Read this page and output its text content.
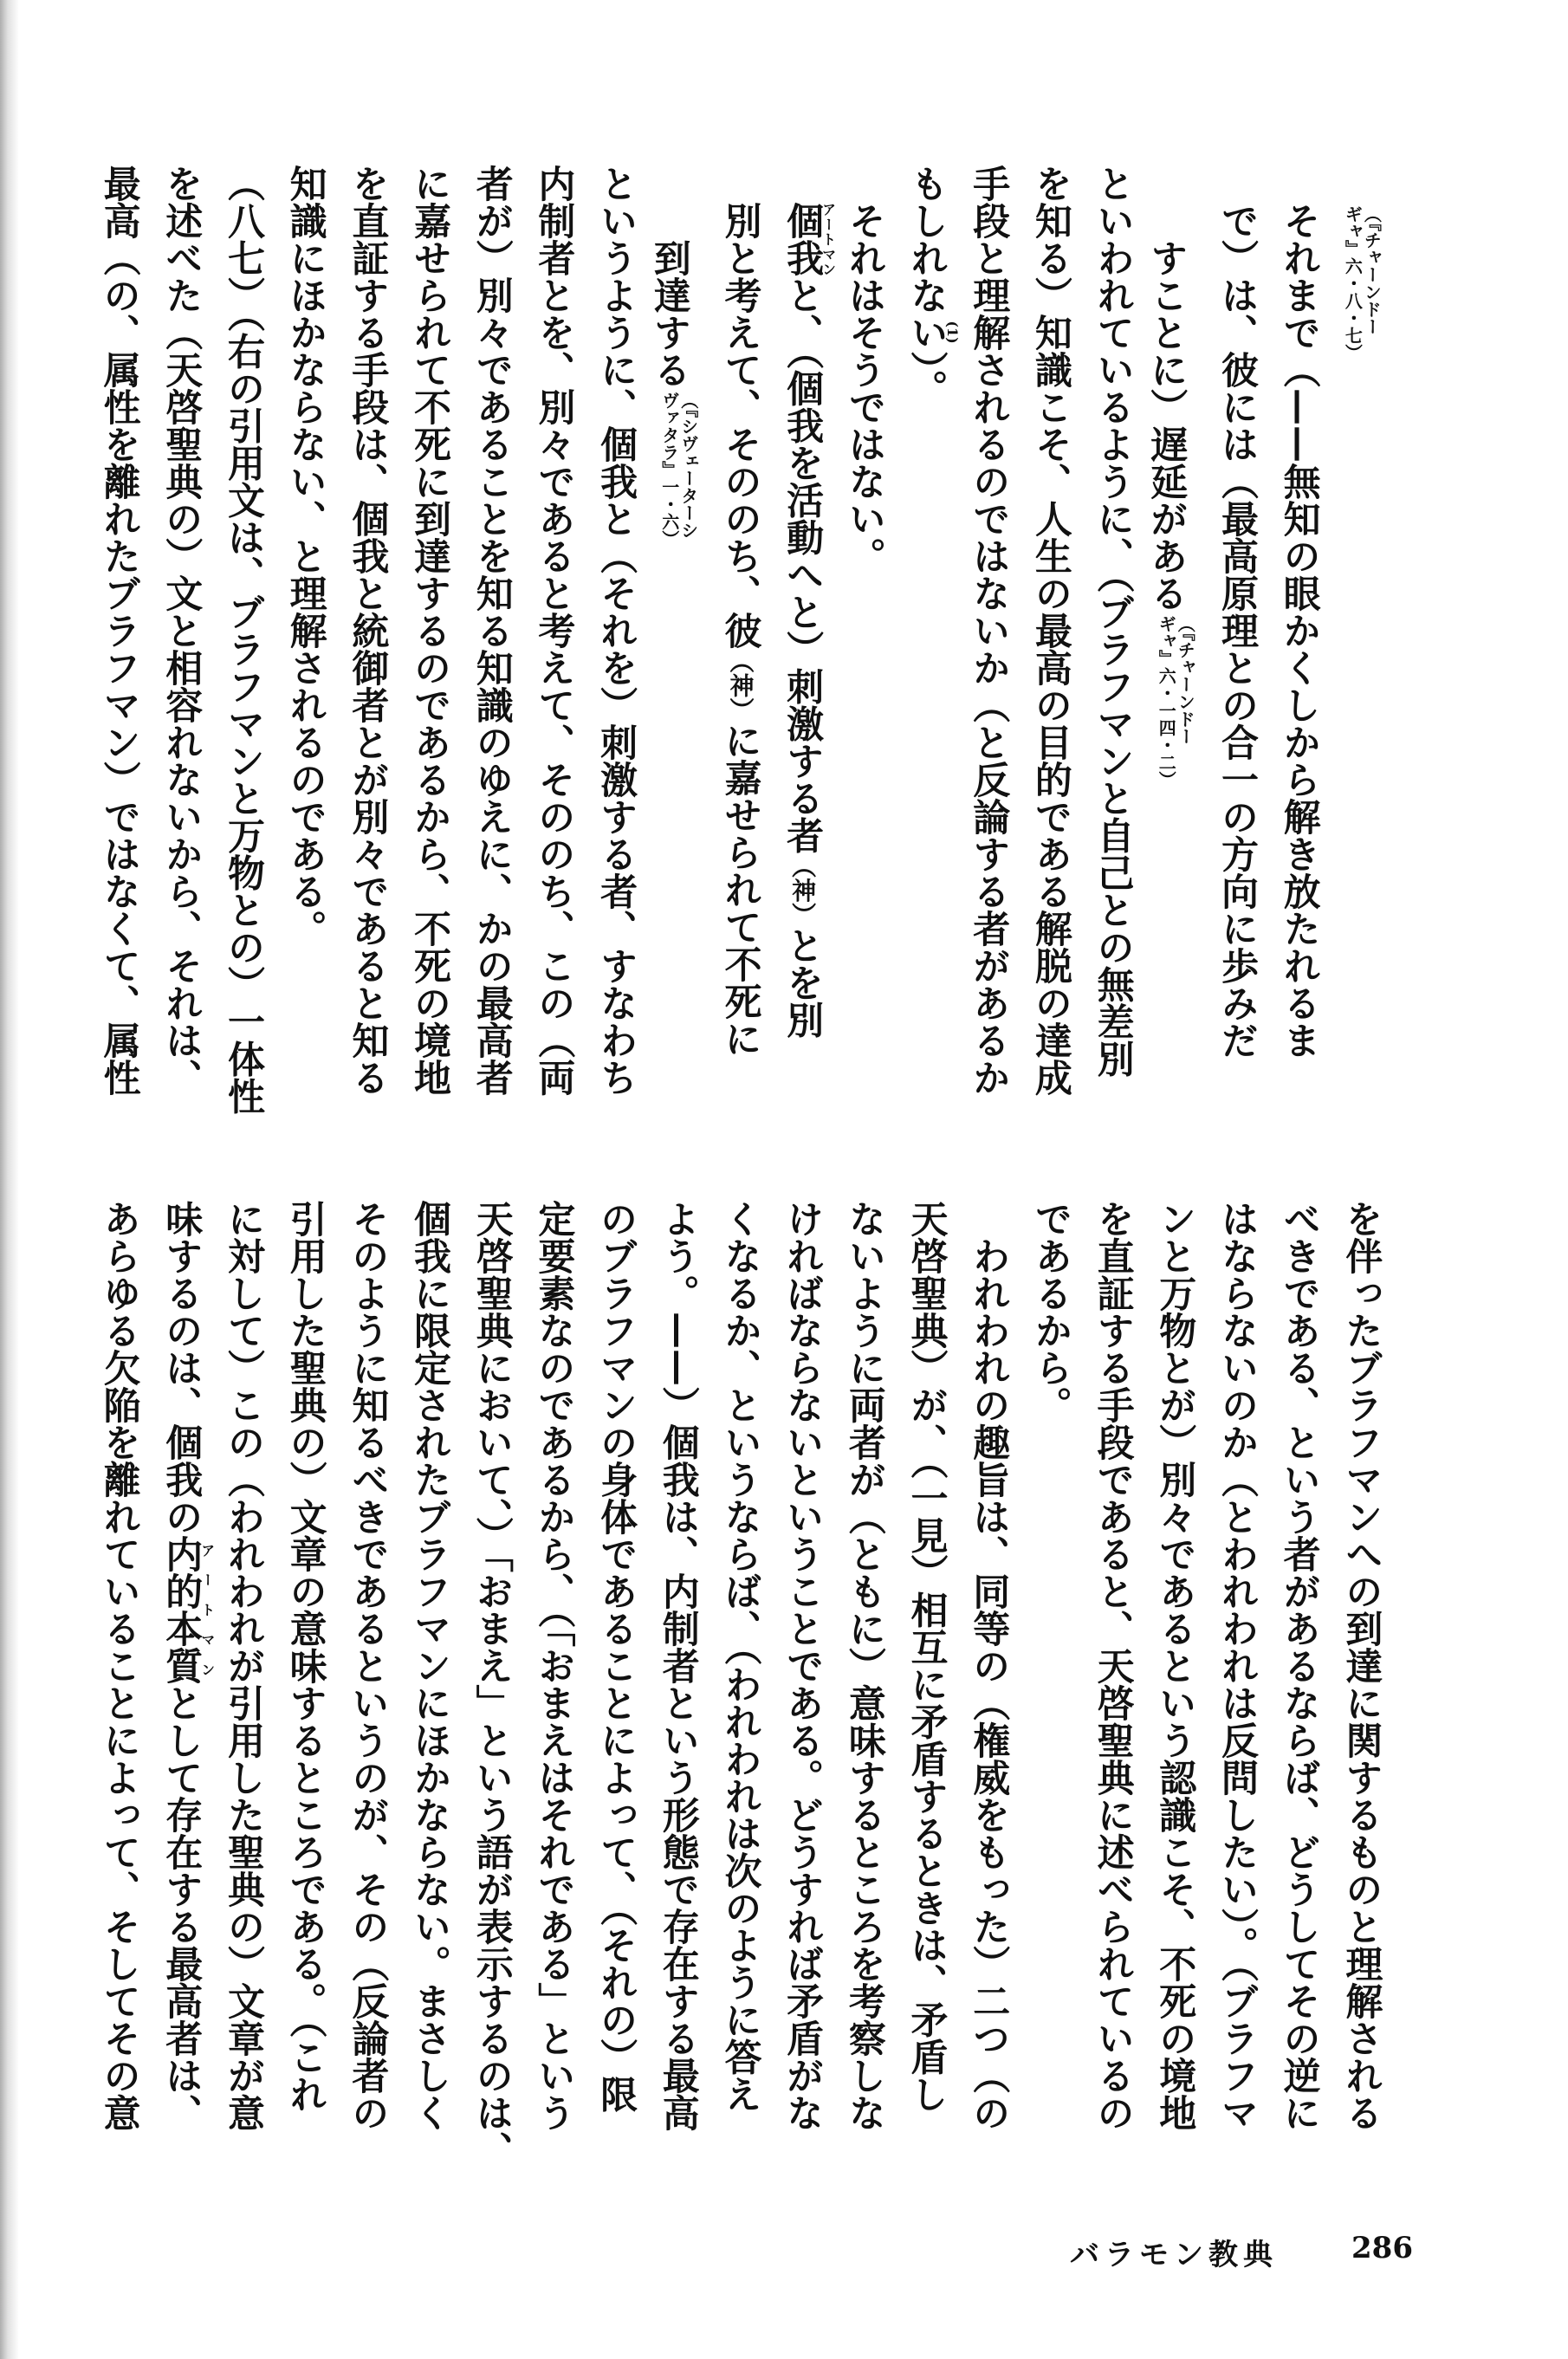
（『チャーンドー
ギャ』六・八・七）
それまで（——無知の眼かくしから解き放たれるま
で）は、彼には（最高原理との合一の方向に歩みだ
すことに）遅延がある
（『チャーンドー
ギャ』六・一四・二）
といわれているように、（ブラフマンと自己との無差別
を知る）知識こそ、人生の最高の目的である解脱の達成
手段と理解されるのではないか（と反論する者があるか
もしれない(1)）。
それはそうではない。
個我アートマンと、（個我を活動へと）刺激する者（神）とを別
別と考えて、そののち、彼（神）に嘉せられて不死に
到達する
（『シヴェーターシ
ヴァタラ』一・六）
というように、個我と（それを）刺激する者、すなわち
内制者とを、別々であると考えて、そののち、この（両
者が）別々であることを知る知識のゆえに、かの最高者
に嘉せられて不死に到達するのであるから、不死の境地
を直証する手段は、個我と統御者とが別々であると知る
知識にほかならない、と理解されるのである。
（八七）（右の引用文は、ブラフマンと万物との）一体性
を述べた（天啓聖典の）文と相容れないから、それは、
最高（の、属性を離れたブラフマン）ではなくて、属性
を伴ったブラフマンへの到達に関するものと理解される
べきである、という者があるならば、どうしてその逆に
はならないのか（とわれわれは反問したい）。（ブラフマ
ンと万物とが）別々であるという認識こそ、不死の境地
を直証する手段であると、天啓聖典に述べられているの
であるから。
われわれの趣旨は、同等の（権威をもった）二つ（の
天啓聖典）が、（一見）相互に矛盾するときは、矛盾し
ないように両者が（ともに）意味するところを考察しな
ければならないということである。どうすれば矛盾がな
くなるか、というならば、（われわれは次のように答え
よう。——）個我は、内制者という形態で存在する最高
のブラフマンの身体であることによって、（それの）限
定要素なのであるから、（「おまえはそれである」という
天啓聖典において、）「おまえ」という語が表示するのは、
個我に限定されたブラフマンにほかならない。まさしく
そのように知るべきであるというのが、その（反論者の
引用した聖典の）文章の意味するところである。（これ
に対して）この（われわれが引用した聖典の）文章が意
味するのは、個我の内的本質アートマンとして存在する最高者は、
あらゆる欠陥を離れていることによって、そしてその意
バラモン教典	286
